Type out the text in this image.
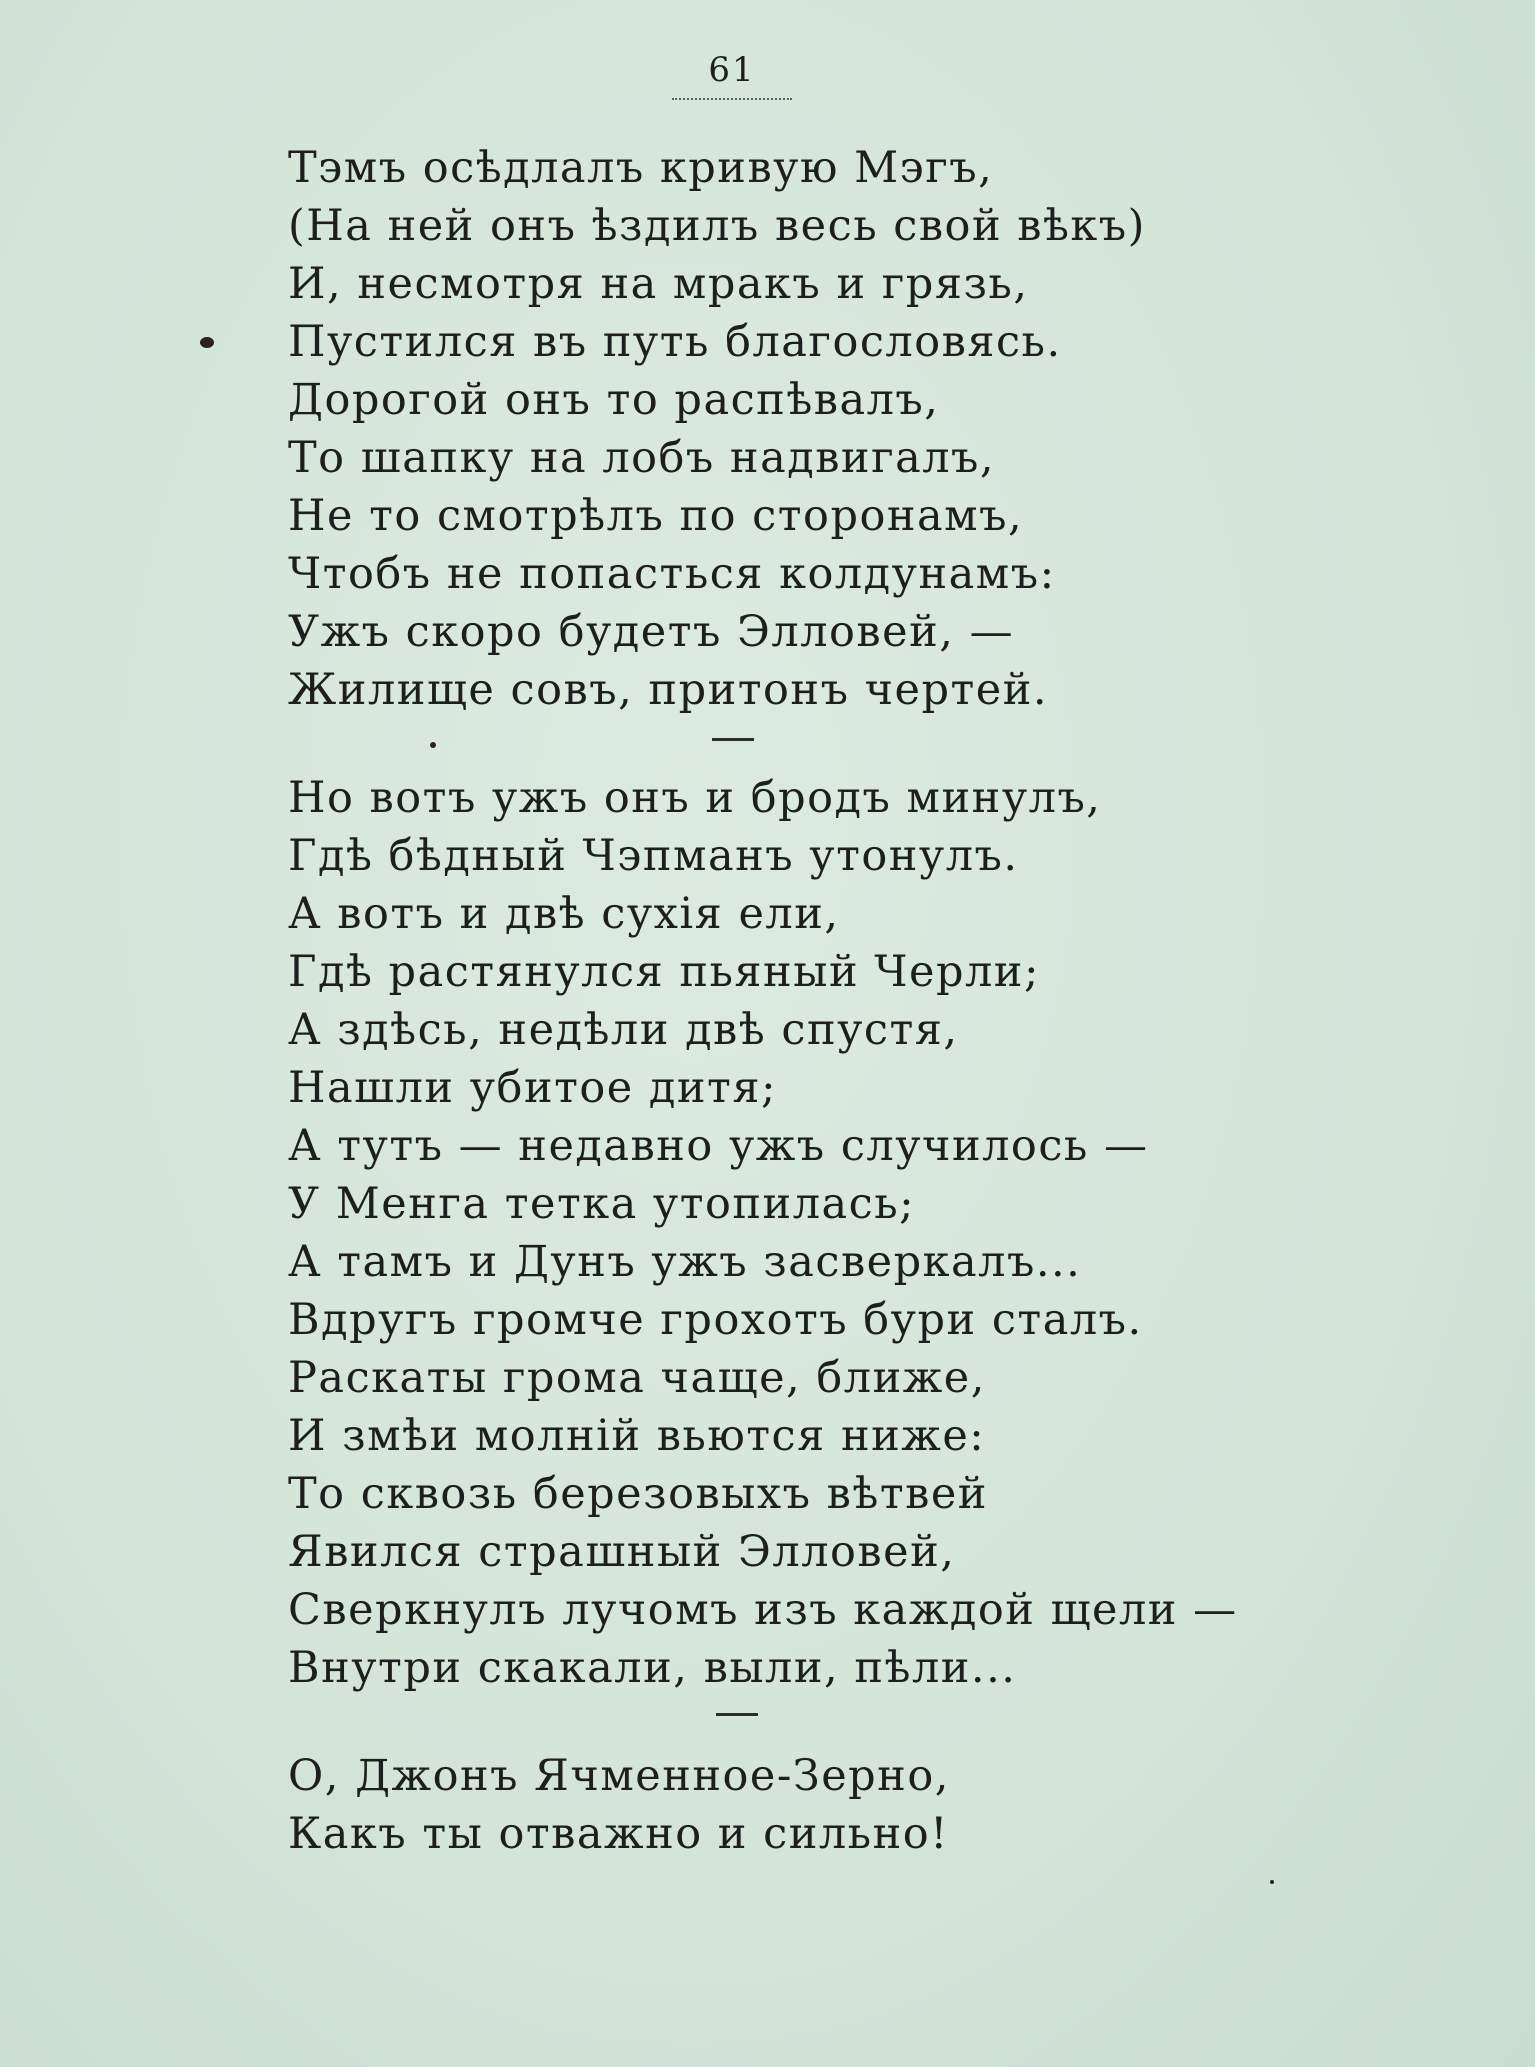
61
Тэмъ осѣдлалъ кривую Мэгъ,
(На ней онъ ѣздилъ весь свой вѣкъ)
И, несмотря на мракъ и грязь,
Пустился въ путь благословясь.
Дорогой онъ то распѣвалъ,
То шапку на лобъ надвигалъ,
Не то смотрѣлъ по сторонамъ,
Чтобъ не попасться колдунамъ:
Ужъ скоро будетъ Элловей, —
Жилище совъ, притонъ чертей.
Но вотъ ужъ онъ и бродъ минулъ,
Гдѣ бѣдный Чэпманъ утонулъ.
А вотъ и двѣ сухія ели,
Гдѣ растянулся пьяный Черли;
А здѣсь, недѣли двѣ спустя,
Нашли убитое дитя;
А тутъ — недавно ужъ случилось —
У Менга тетка утопилась;
А тамъ и Дунъ ужъ засверкалъ...
Вдругъ громче грохотъ бури сталъ.
Раскаты грома чаще, ближе,
И змѣи молній вьются ниже:
То сквозь березовыхъ вѣтвей
Явился страшный Элловей,
Сверкнулъ лучомъ изъ каждой щели —
Внутри скакали, выли, пѣли...
О, Джонъ Ячменное-Зерно,
Какъ ты отважно и сильно!
